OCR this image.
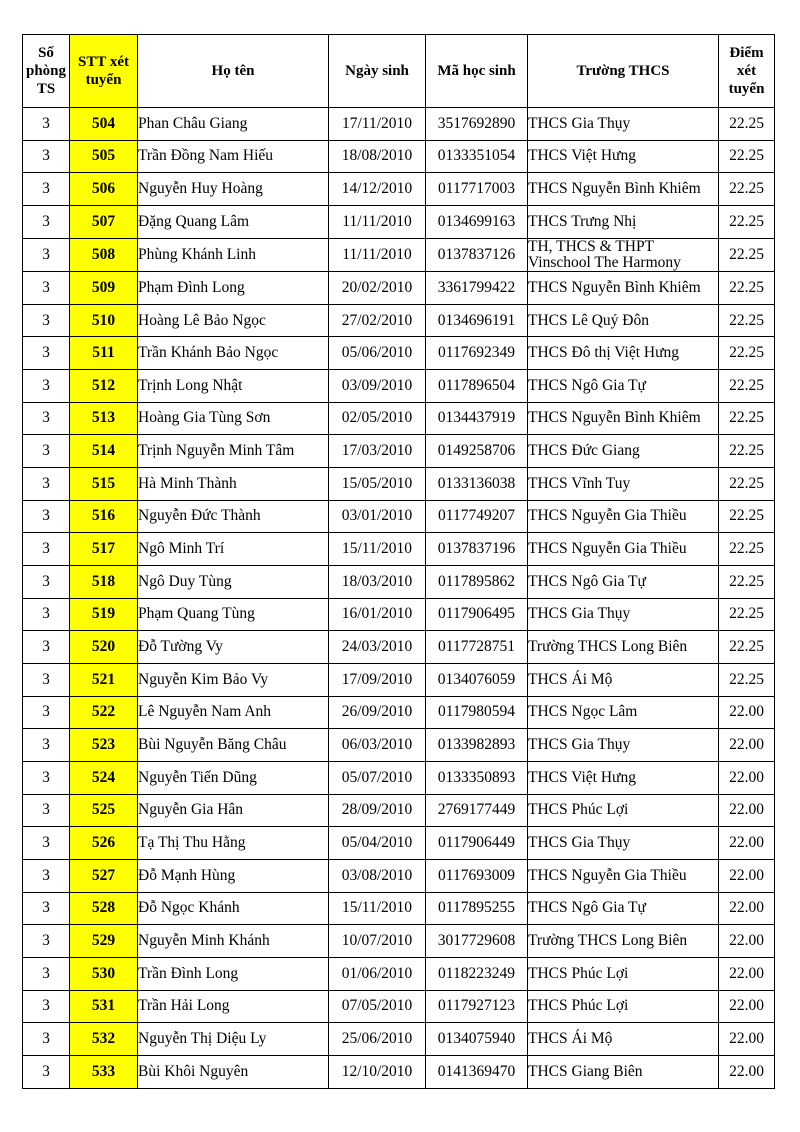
Số phòng TS	STT xét tuyển	Họ tên	Ngày sinh	Mã học sinh	Trường THCS	Điểm xét tuyển
3	504	Phan Châu Giang	17/11/2010	3517692890	THCS Gia Thụy	22.25
3	505	Trần Đồng Nam Hiếu	18/08/2010	0133351054	THCS Việt Hưng	22.25
3	506	Nguyễn Huy Hoàng	14/12/2010	0117717003	THCS Nguyễn Bình Khiêm	22.25
3	507	Đặng Quang Lâm	11/11/2010	0134699163	THCS Trưng Nhị	22.25
3	508	Phùng Khánh Linh	11/11/2010	0137837126	TH, THCS & THPT Vinschool The Harmony	22.25
3	509	Phạm Đình Long	20/02/2010	3361799422	THCS Nguyễn Bình Khiêm	22.25
3	510	Hoàng Lê Bảo Ngọc	27/02/2010	0134696191	THCS Lê Quý Đôn	22.25
3	511	Trần Khánh Bảo Ngọc	05/06/2010	0117692349	THCS Đô thị Việt Hưng	22.25
3	512	Trịnh Long Nhật	03/09/2010	0117896504	THCS Ngô Gia Tự	22.25
3	513	Hoàng Gia Tùng Sơn	02/05/2010	0134437919	THCS Nguyễn Bình Khiêm	22.25
3	514	Trịnh Nguyễn Minh Tâm	17/03/2010	0149258706	THCS Đức Giang	22.25
3	515	Hà Minh Thành	15/05/2010	0133136038	THCS Vĩnh Tuy	22.25
3	516	Nguyễn Đức Thành	03/01/2010	0117749207	THCS Nguyễn Gia Thiều	22.25
3	517	Ngô Minh Trí	15/11/2010	0137837196	THCS Nguyễn Gia Thiều	22.25
3	518	Ngô Duy Tùng	18/03/2010	0117895862	THCS Ngô Gia Tự	22.25
3	519	Phạm Quang Tùng	16/01/2010	0117906495	THCS Gia Thụy	22.25
3	520	Đỗ Tường Vy	24/03/2010	0117728751	Trường THCS Long Biên	22.25
3	521	Nguyễn Kim Bảo Vy	17/09/2010	0134076059	THCS Ái Mộ	22.25
3	522	Lê Nguyễn Nam Anh	26/09/2010	0117980594	THCS Ngọc Lâm	22.00
3	523	Bùi Nguyễn Băng Châu	06/03/2010	0133982893	THCS Gia Thụy	22.00
3	524	Nguyễn Tiến Dũng	05/07/2010	0133350893	THCS Việt Hưng	22.00
3	525	Nguyễn Gia Hân	28/09/2010	2769177449	THCS Phúc Lợi	22.00
3	526	Tạ Thị Thu Hằng	05/04/2010	0117906449	THCS Gia Thụy	22.00
3	527	Đỗ Mạnh Hùng	03/08/2010	0117693009	THCS Nguyễn Gia Thiều	22.00
3	528	Đỗ Ngọc Khánh	15/11/2010	0117895255	THCS Ngô Gia Tự	22.00
3	529	Nguyễn Minh Khánh	10/07/2010	3017729608	Trường THCS Long Biên	22.00
3	530	Trần Đình Long	01/06/2010	0118223249	THCS Phúc Lợi	22.00
3	531	Trần Hải Long	07/05/2010	0117927123	THCS Phúc Lợi	22.00
3	532	Nguyễn Thị Diệu Ly	25/06/2010	0134075940	THCS Ái Mộ	22.00
3	533	Bùi Khôi Nguyên	12/10/2010	0141369470	THCS Giang Biên	22.00
